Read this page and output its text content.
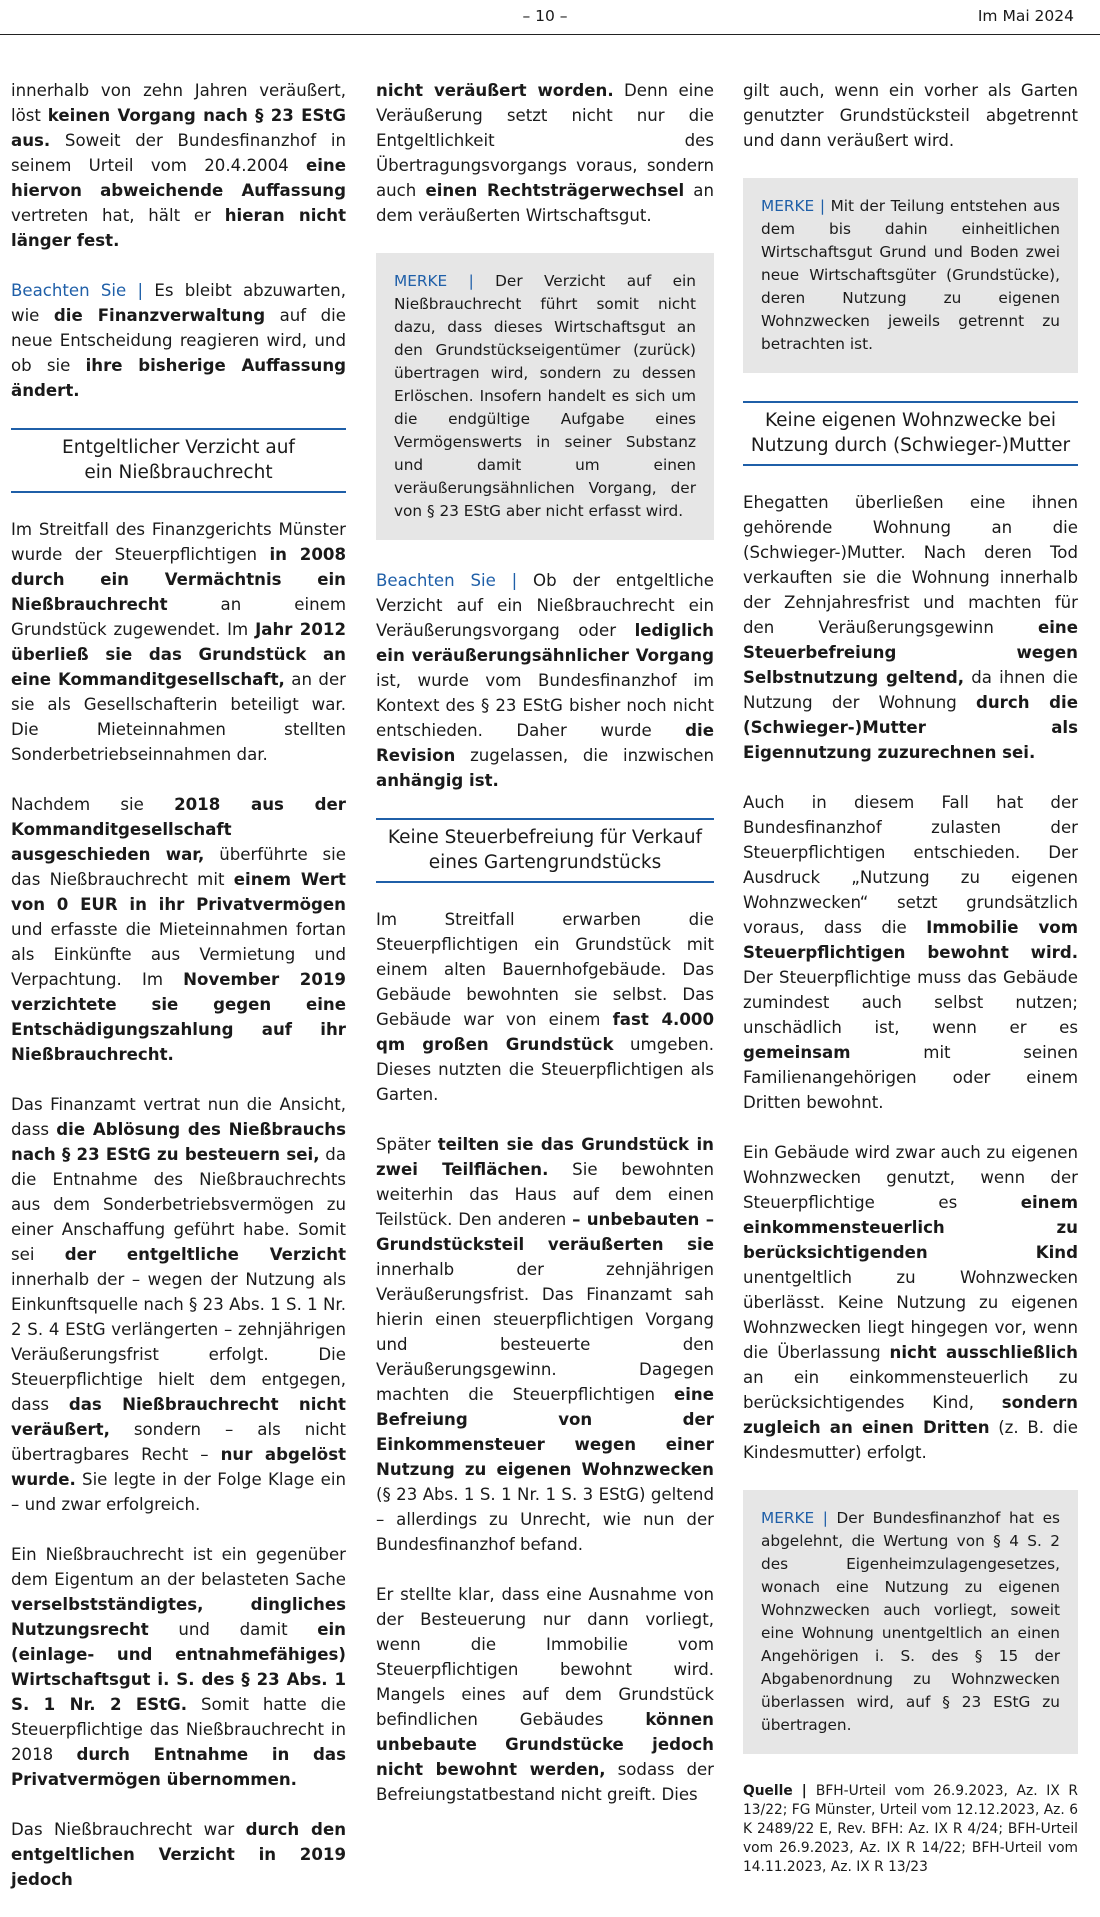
– 10 –	Im Mai 2024

innerhalb von zehn Jahren veräußert, löst keinen Vorgang nach § 23 EStG aus. Soweit der Bundesfinanzhof in seinem Urteil vom 20.4.2004 eine hiervon abweichende Auffassung vertreten hat, hält er hieran nicht länger fest.

Beachten Sie | Es bleibt abzuwarten, wie die Finanzverwaltung auf die neue Entscheidung reagieren wird, und ob sie ihre bisherige Auffassung ändert.

Entgeltlicher Verzicht auf
ein Nießbrauchrecht

Im Streitfall des Finanzgerichts Münster wurde der Steuerpflichtigen in 2008 durch ein Vermächtnis ein Nießbrauchrecht an einem Grundstück zugewendet. Im Jahr 2012 überließ sie das Grundstück an eine Kommanditgesellschaft, an der sie als Gesellschafterin beteiligt war. Die Mieteinnahmen stellten Sonderbetriebseinnahmen dar.

Nachdem sie 2018 aus der Kommanditgesellschaft ausgeschieden war, überführte sie das Nießbrauchrecht mit einem Wert von 0 EUR in ihr Privatvermögen und erfasste die Mieteinnahmen fortan als Einkünfte aus Vermietung und Verpachtung. Im November 2019 verzichtete sie gegen eine Entschädigungszahlung auf ihr Nießbrauchrecht.

Das Finanzamt vertrat nun die Ansicht, dass die Ablösung des Nießbrauchs nach § 23 EStG zu besteuern sei, da die Entnahme des Nießbrauchrechts aus dem Sonderbetriebsvermögen zu einer Anschaffung geführt habe. Somit sei der entgeltliche Verzicht innerhalb der – wegen der Nutzung als Einkunftsquelle nach § 23 Abs. 1 S. 1 Nr. 2 S. 4 EStG verlängerten – zehnjährigen Veräußerungsfrist erfolgt. Die Steuerpflichtige hielt dem entgegen, dass das Nießbrauchrecht nicht veräußert, sondern – als nicht übertragbares Recht – nur abgelöst wurde. Sie legte in der Folge Klage ein – und zwar erfolgreich.

Ein Nießbrauchrecht ist ein gegenüber dem Eigentum an der belasteten Sache verselbstständigtes, dingliches Nutzungsrecht und damit ein (einlage- und entnahmefähiges) Wirtschaftsgut i. S. des § 23 Abs. 1 S. 1 Nr. 2 EStG. Somit hatte die Steuerpflichtige das Nießbrauchrecht in 2018 durch Entnahme in das Privatvermögen übernommen.

Das Nießbrauchrecht war durch den entgeltlichen Verzicht in 2019 jedoch

nicht veräußert worden. Denn eine Veräußerung setzt nicht nur die Entgeltlichkeit des Übertragungsvorgangs voraus, sondern auch einen Rechtsträgerwechsel an dem veräußerten Wirtschaftsgut.

MERKE | Der Verzicht auf ein Nießbrauchrecht führt somit nicht dazu, dass dieses Wirtschaftsgut an den Grundstückseigentümer (zurück) übertragen wird, sondern zu dessen Erlöschen. Insofern handelt es sich um die endgültige Aufgabe eines Vermögenswerts in seiner Substanz und damit um einen veräußerungsähnlichen Vorgang, der von § 23 EStG aber nicht erfasst wird.

Beachten Sie | Ob der entgeltliche Verzicht auf ein Nießbrauchrecht ein Veräußerungsvorgang oder lediglich ein veräußerungsähnlicher Vorgang ist, wurde vom Bundesfinanzhof im Kontext des § 23 EStG bisher noch nicht entschieden. Daher wurde die Revision zugelassen, die inzwischen anhängig ist.

Keine Steuerbefreiung für Verkauf
eines Gartengrundstücks

Im Streitfall erwarben die Steuerpflichtigen ein Grundstück mit einem alten Bauernhofgebäude. Das Gebäude bewohnten sie selbst. Das Gebäude war von einem fast 4.000 qm großen Grundstück umgeben. Dieses nutzten die Steuerpflichtigen als Garten.

Später teilten sie das Grundstück in zwei Teilflächen. Sie bewohnten weiterhin das Haus auf dem einen Teilstück. Den anderen – unbebauten – Grundstücksteil veräußerten sie innerhalb der zehnjährigen Veräußerungsfrist. Das Finanzamt sah hierin einen steuerpflichtigen Vorgang und besteuerte den Veräußerungsgewinn. Dagegen machten die Steuerpflichtigen eine Befreiung von der Einkommensteuer wegen einer Nutzung zu eigenen Wohnzwecken (§ 23 Abs. 1 S. 1 Nr. 1 S. 3 EStG) geltend – allerdings zu Unrecht, wie nun der Bundesfinanzhof befand.

Er stellte klar, dass eine Ausnahme von der Besteuerung nur dann vorliegt, wenn die Immobilie vom Steuerpflichtigen bewohnt wird. Mangels eines auf dem Grundstück befindlichen Gebäudes können unbebaute Grundstücke jedoch nicht bewohnt werden, sodass der Befreiungstatbestand nicht greift. Dies

gilt auch, wenn ein vorher als Garten genutzter Grundstücksteil abgetrennt und dann veräußert wird.

MERKE | Mit der Teilung entstehen aus dem bis dahin einheitlichen Wirtschaftsgut Grund und Boden zwei neue Wirtschaftsgüter (Grundstücke), deren Nutzung zu eigenen Wohnzwecken jeweils getrennt zu betrachten ist.

Keine eigenen Wohnzwecke bei
Nutzung durch (Schwieger-)Mutter

Ehegatten überließen eine ihnen gehörende Wohnung an die (Schwieger-)Mutter. Nach deren Tod verkauften sie die Wohnung innerhalb der Zehnjahresfrist und machten für den Veräußerungsgewinn eine Steuerbefreiung wegen Selbstnutzung geltend, da ihnen die Nutzung der Wohnung durch die (Schwieger-)Mutter als Eigennutzung zuzurechnen sei.

Auch in diesem Fall hat der Bundesfinanzhof zulasten der Steuerpflichtigen entschieden. Der Ausdruck „Nutzung zu eigenen Wohnzwecken“ setzt grundsätzlich voraus, dass die Immobilie vom Steuerpflichtigen bewohnt wird. Der Steuerpflichtige muss das Gebäude zumindest auch selbst nutzen; unschädlich ist, wenn er es gemeinsam mit seinen Familienangehörigen oder einem Dritten bewohnt.

Ein Gebäude wird zwar auch zu eigenen Wohnzwecken genutzt, wenn der Steuerpflichtige es einem einkommensteuerlich zu berücksichtigenden Kind unentgeltlich zu Wohnzwecken überlässt. Keine Nutzung zu eigenen Wohnzwecken liegt hingegen vor, wenn die Überlassung nicht ausschließlich an ein einkommensteuerlich zu berücksichtigendes Kind, sondern zugleich an einen Dritten (z. B. die Kindesmutter) erfolgt.

MERKE | Der Bundesfinanzhof hat es abgelehnt, die Wertung von § 4 S. 2 des Eigenheimzulagengesetzes, wonach eine Nutzung zu eigenen Wohnzwecken auch vorliegt, soweit eine Wohnung unentgeltlich an einen Angehörigen i. S. des § 15 der Abgabenordnung zu Wohnzwecken überlassen wird, auf § 23 EStG zu übertragen.

Quelle | BFH-Urteil vom 26.9.2023, Az. IX R 13/22; FG Münster, Urteil vom 12.12.2023, Az. 6 K 2489/22 E, Rev. BFH: Az. IX R 4/24; BFH-Urteil vom 26.9.2023, Az. IX R 14/22; BFH-Urteil vom 14.11.2023, Az. IX R 13/23
